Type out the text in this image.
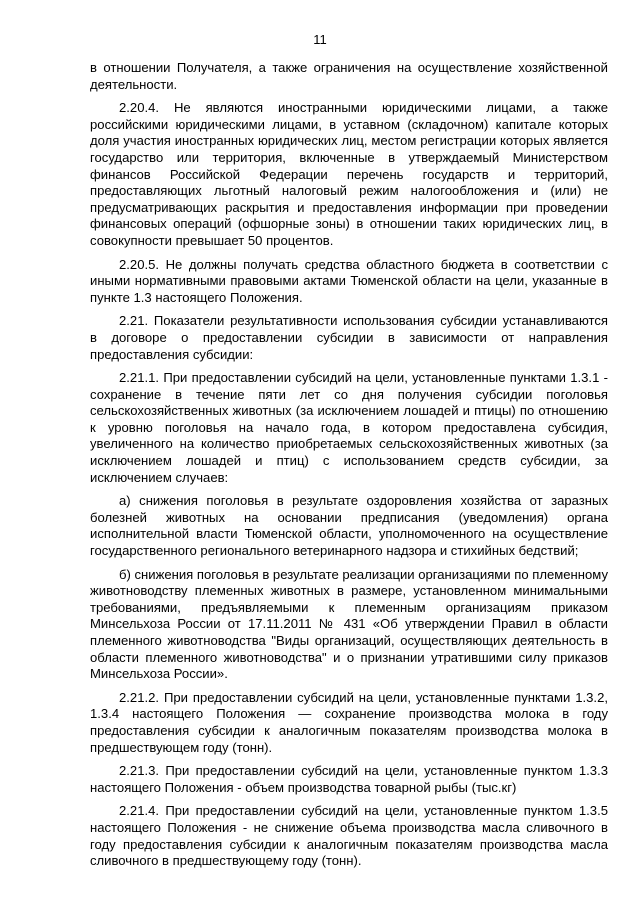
11

в отношении Получателя, а также ограничения на осуществление хозяйственной деятельности.

2.20.4. Не являются иностранными юридическими лицами, а также российскими юридическими лицами, в уставном (складочном) капитале которых доля участия иностранных юридических лиц, местом регистрации которых является государство или территория, включенные в утверждаемый Министерством финансов Российской Федерации перечень государств и территорий, предоставляющих льготный налоговый режим налогообложения и (или) не предусматривающих раскрытия и предоставления информации при проведении финансовых операций (офшорные зоны) в отношении таких юридических лиц, в совокупности превышает 50 процентов.

2.20.5. Не должны получать средства областного бюджета в соответствии с иными нормативными правовыми актами Тюменской области на цели, указанные в пункте 1.3 настоящего Положения.

2.21. Показатели результативности использования субсидии устанавливаются в договоре о предоставлении субсидии в зависимости от направления предоставления субсидии:

2.21.1. При предоставлении субсидий на цели, установленные пунктами 1.3.1 - сохранение в течение пяти лет со дня получения субсидии поголовья сельскохозяйственных животных (за исключением лошадей и птицы) по отношению к уровню поголовья на начало года, в котором предоставлена субсидия, увеличенного на количество приобретаемых сельскохозяйственных животных (за исключением лошадей и птиц) с использованием средств субсидии, за исключением случаев:

а) снижения поголовья в результате оздоровления хозяйства от заразных болезней животных на основании предписания (уведомления) органа исполнительной власти Тюменской области, уполномоченного на осуществление государственного регионального ветеринарного надзора и стихийных бедствий;

б) снижения поголовья в результате реализации организациями по племенному животноводству племенных животных в размере, установленном минимальными требованиями, предъявляемыми к племенным организациям приказом Минсельхоза России от 17.11.2011 № 431 «Об утверждении Правил в области племенного животноводства "Виды организаций, осуществляющих деятельность в области племенного животноводства" и о признании утратившими силу приказов Минсельхоза России».

2.21.2. При предоставлении субсидий на цели, установленные пунктами 1.3.2, 1.3.4 настоящего Положения — сохранение производства молока в году предоставления субсидии к аналогичным показателям производства молока в предшествующем году (тонн).

2.21.3. При предоставлении субсидий на цели, установленные пунктом 1.3.3 настоящего Положения - объем производства товарной рыбы (тыс.кг)

2.21.4. При предоставлении субсидий на цели, установленные пунктом 1.3.5 настоящего Положения - не снижение объема производства масла сливочного в году предоставления субсидии к аналогичным показателям производства масла сливочного в предшествующему году (тонн).
